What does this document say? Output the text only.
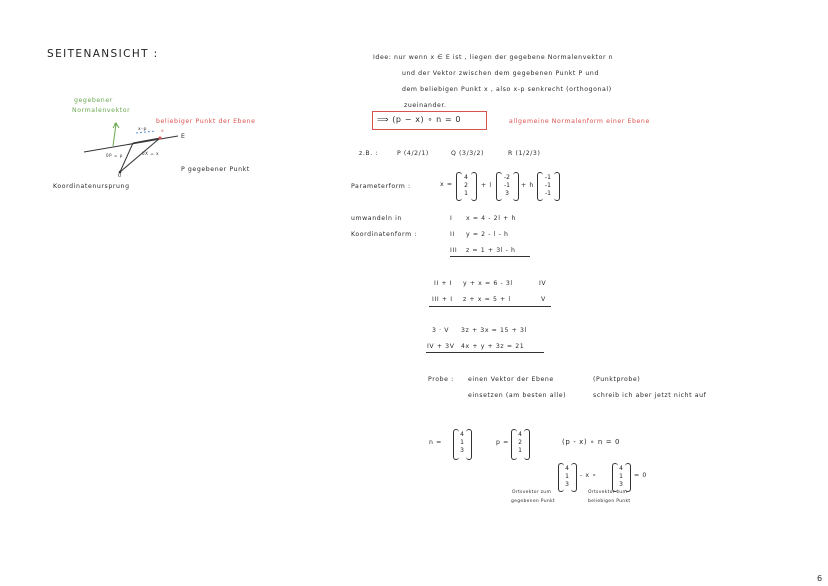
SEITENANSICHT :
gegebener
Normalenvektor
beliebiger Punkt der Ebene
E
P gegebener Punkt
Koordinatenursprung
0
n
x
x-p
0P = p	0X = x
Idee: nur wenn x ∈ E ist , liegen der gegebene Normalenvektor n
und der Vektor zwischen dem gegebenen Punkt P und
dem beliebigen Punkt x , also x-p senkrecht (orthogonal)
zueinander.
⟹ (p − x) ∘ n = 0	allgemeine Normalenform einer Ebene
z.B. :	P (4/2/1)	Q (3/3/2)	R (1/2/3)
Parameterform :	x =
4
2
1
+ l
-2
-1
3
+ h
-1
-1
-1
umwandeln in
Koordinatenform :
I x = 4 - 2l + h
II y = 2 - l - h
III z = 1 + 3l - h
II + I y + x = 6 - 3l	IV
III + I z + x = 5 + l	V
3 · V 3z + 3x = 15 + 3l
IV + 3V 4x + y + 3z = 21
Probe : einen Vektor der Ebene
einsetzen (am besten alle)
(Punktprobe)
schreib ich aber jetzt nicht auf
n =
4
1
3
p =
4
2
1
(p - x) ∘ n = 0
4
1
3
- x ∘
4
1
3
= 0
Ortsvektor zum
gegebenen Punkt
Ortsvektor zum
beliebigen Punkt
6
